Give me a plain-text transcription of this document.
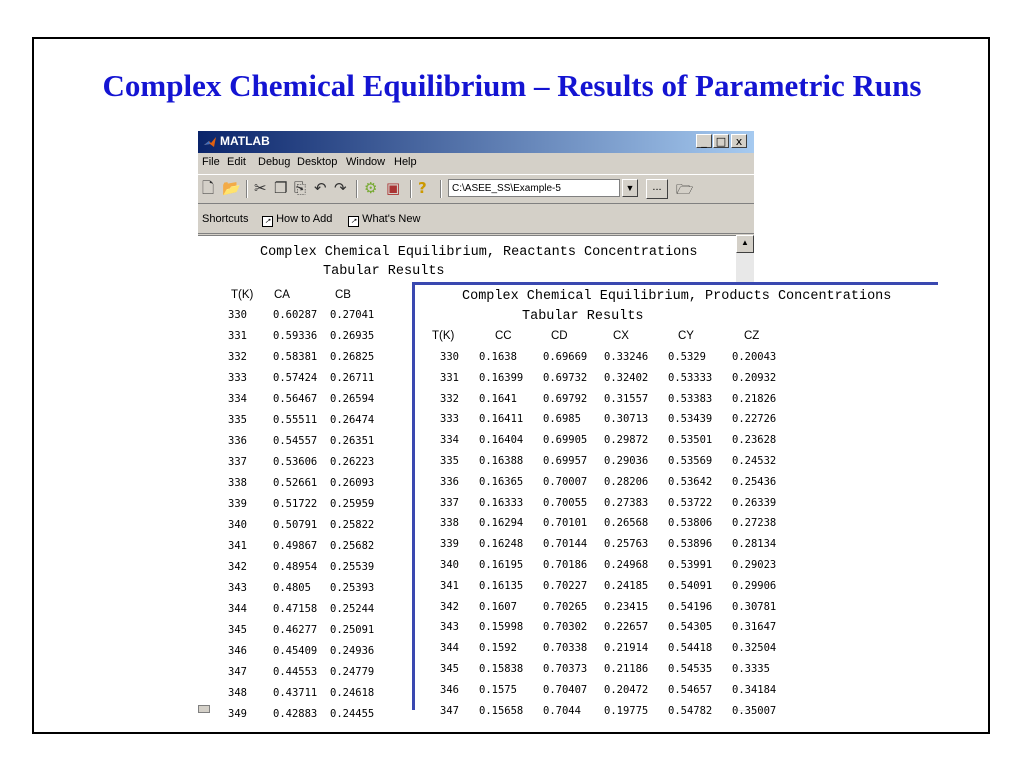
Complex Chemical Equilibrium – Results of Parametric Runs
MATLAB	_ □ x
File Edit Debug Desktop Window Help
🗋 📂 ✂ ❐ ⎘ ↶ ↷ ⚙ ▣ ?	C:\ASEE_SS\Example-5	▼	...	🗁
Shortcuts	↗ How to Add	↗ What's New
Complex Chemical Equilibrium, Reactants Concentrations
Tabular Results
T(K) CA	CB
330 0.60287 0.27041
331 0.59336 0.26935
332 0.58381 0.26825
333 0.57424 0.26711
334 0.56467 0.26594
335 0.55511 0.26474
336 0.54557 0.26351
337 0.53606 0.26223
338 0.52661 0.26093
339 0.51722 0.25959
340 0.50791 0.25822
341 0.49867 0.25682
342 0.48954 0.25539
343 0.4805 0.25393
344 0.47158 0.25244
345 0.46277 0.25091
346 0.45409 0.24936
347 0.44553 0.24779
348 0.43711 0.24618
349 0.42883 0.24455
▲
Complex Chemical Equilibrium, Products Concentrations
Tabular Results
T(K)	CC	CD	CX	CY	CZ
330 0.1638 0.69669 0.33246 0.5329 0.20043
331 0.16399 0.69732 0.32402 0.53333 0.20932
332 0.1641 0.69792 0.31557 0.53383 0.21826
333 0.16411 0.6985 0.30713 0.53439 0.22726
334 0.16404 0.69905 0.29872 0.53501 0.23628
335 0.16388 0.69957 0.29036 0.53569 0.24532
336 0.16365 0.70007 0.28206 0.53642 0.25436
337 0.16333 0.70055 0.27383 0.53722 0.26339
338 0.16294 0.70101 0.26568 0.53806 0.27238
339 0.16248 0.70144 0.25763 0.53896 0.28134
340 0.16195 0.70186 0.24968 0.53991 0.29023
341 0.16135 0.70227 0.24185 0.54091 0.29906
342 0.1607 0.70265 0.23415 0.54196 0.30781
343 0.15998 0.70302 0.22657 0.54305 0.31647
344 0.1592 0.70338 0.21914 0.54418 0.32504
345 0.15838 0.70373 0.21186 0.54535 0.3335
346 0.1575 0.70407 0.20472 0.54657 0.34184
347 0.15658 0.7044 0.19775 0.54782 0.35007
